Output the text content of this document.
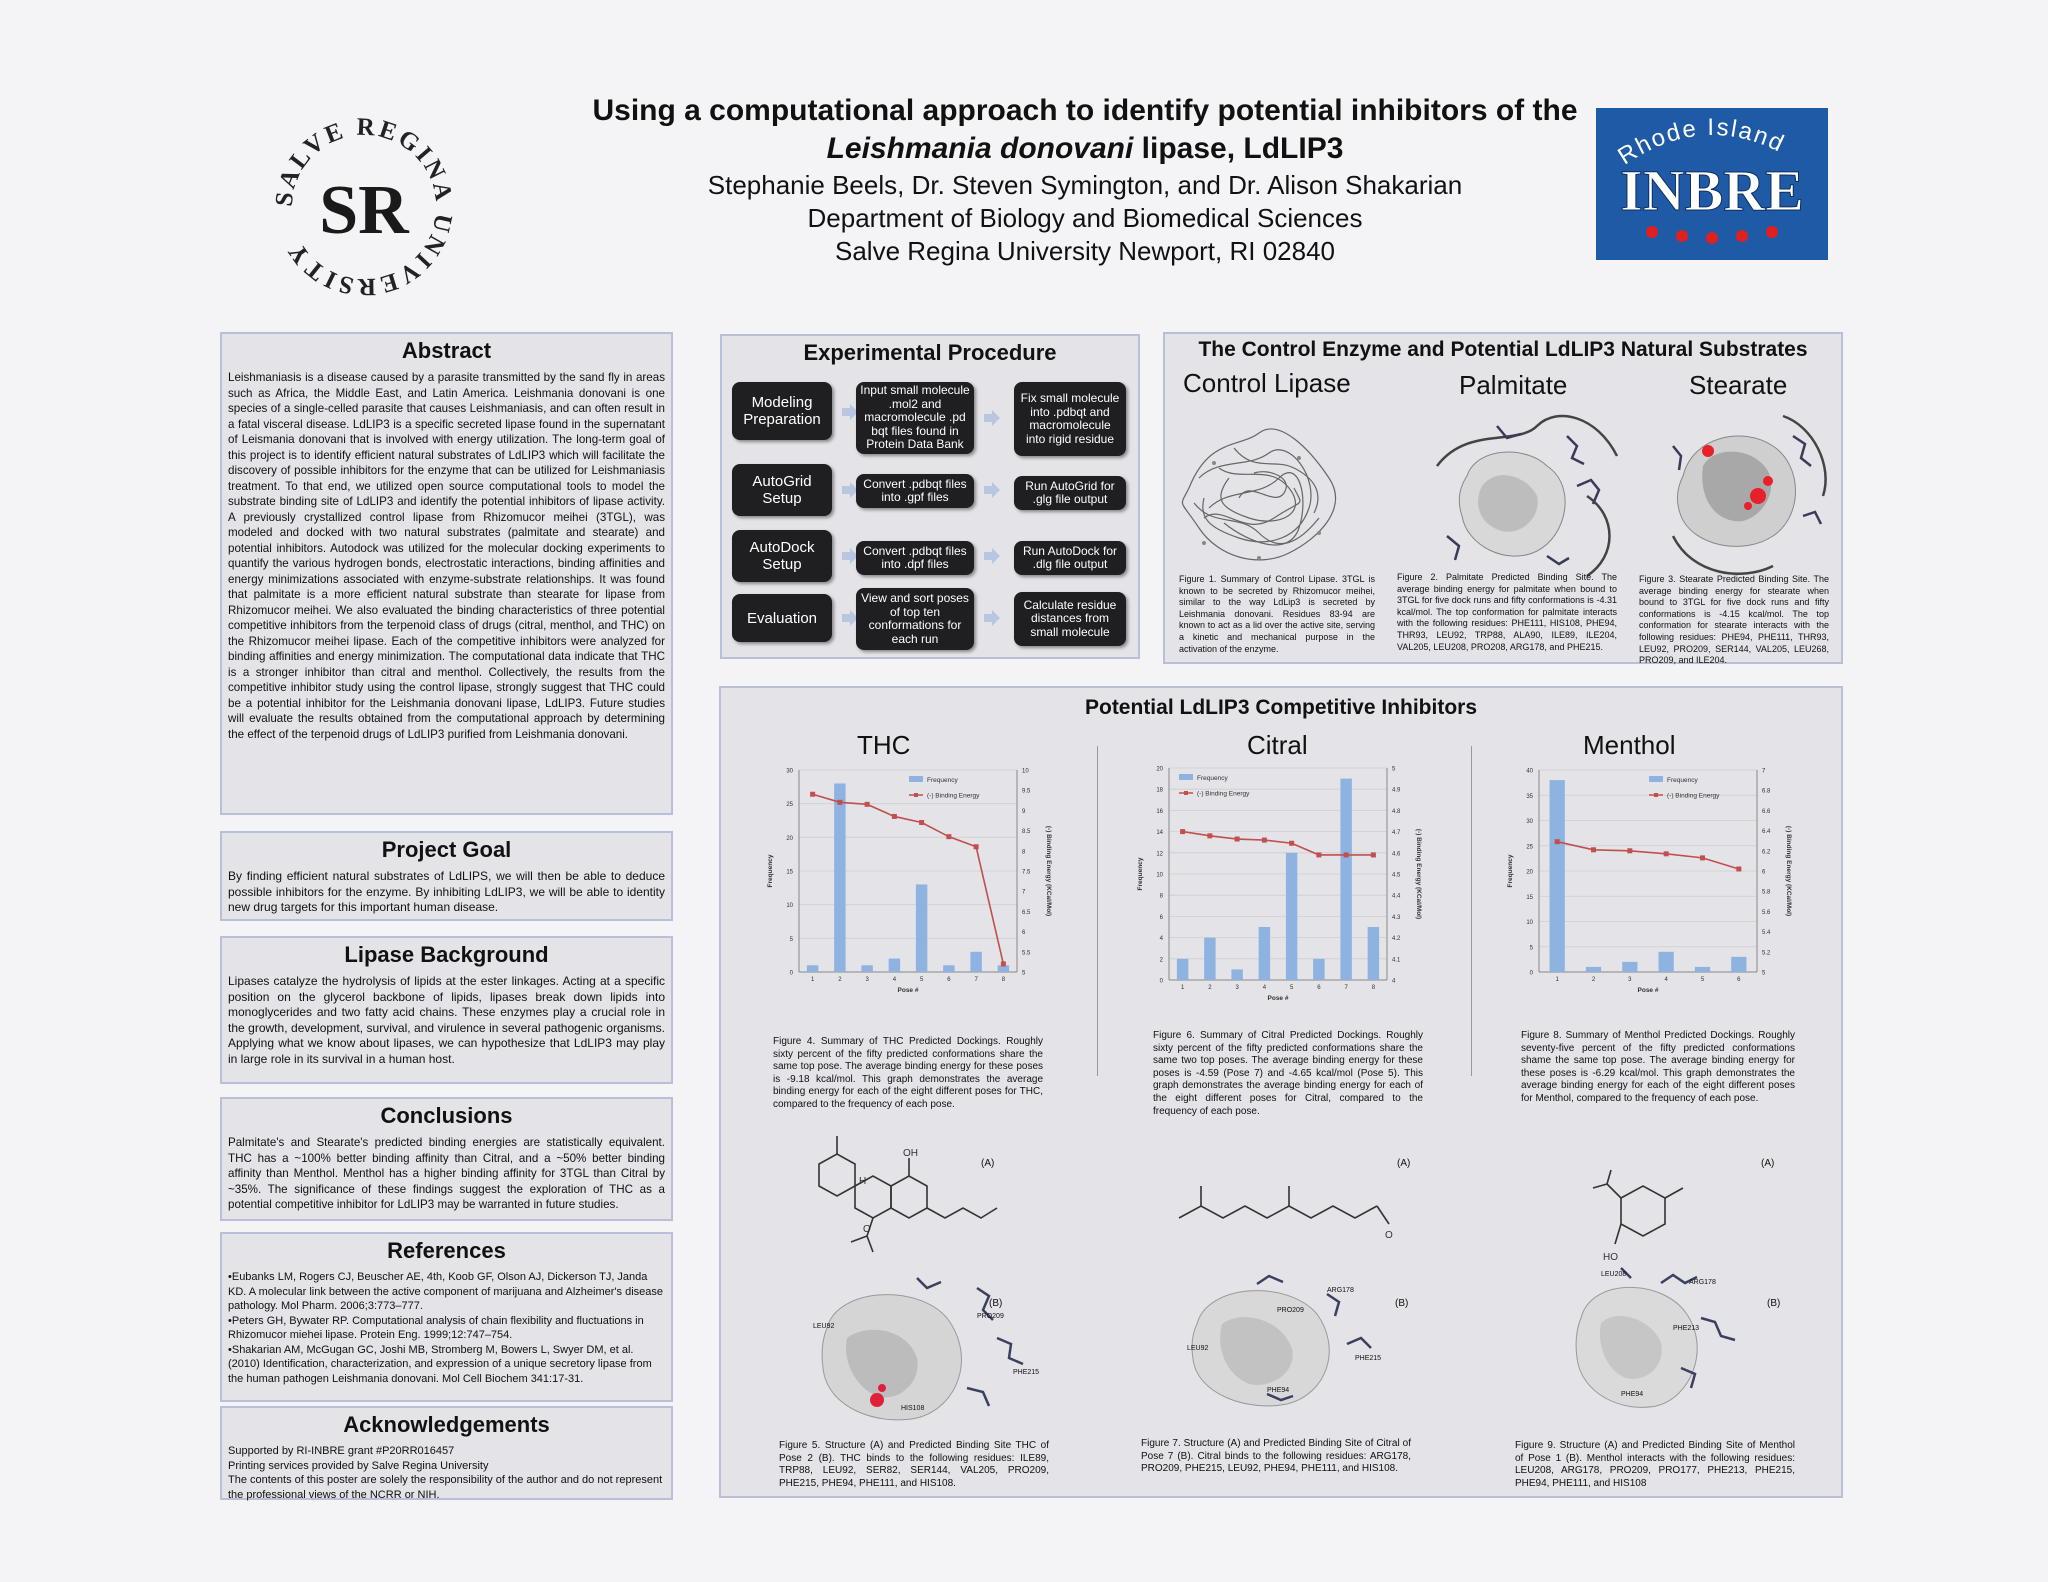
SALVE REGINA UNIVERSITY
SR
Using a computational approach to identify potential inhibitors of the
Leishmania donovani lipase, LdLIP3
Stephanie Beels, Dr. Steven Symington, and Dr. Alison Shakarian
Department of Biology and Biomedical Sciences
Salve Regina University Newport, RI 02840
Rhode Island
INBRE
Abstract
Leishmaniasis is a disease caused by a parasite transmitted by the sand fly in areas such as Africa, the Middle East, and Latin America. Leishmania donovani is one species of a single-celled parasite that causes Leishmaniasis, and can often result in a fatal visceral disease. LdLIP3 is a specific secreted lipase found in the supernatant of Leismania donovani that is involved with energy utilization. The long-term goal of this project is to identify efficient natural substrates of LdLIP3 which will facilitate the discovery of possible inhibitors for the enzyme that can be utilized for Leishmaniasis treatment. To that end, we utilized open source computational tools to model the substrate binding site of LdLIP3 and identify the potential inhibitors of lipase activity. A previously crystallized control lipase from Rhizomucor meihei (3TGL), was modeled and docked with two natural substrates (palmitate and stearate) and potential inhibitors. Autodock was utilized for the molecular docking experiments to quantify the various hydrogen bonds, electrostatic interactions, binding affinities and energy minimizations associated with enzyme-substrate relationships. It was found that palmitate is a more efficient natural substrate than stearate for lipase from Rhizomucor meihei. We also evaluated the binding characteristics of three potential competitive inhibitors from the terpenoid class of drugs (citral, menthol, and THC) on the Rhizomucor meihei lipase. Each of the competitive inhibitors were analyzed for binding affinities and energy minimization. The computational data indicate that THC is a stronger inhibitor than citral and menthol. Collectively, the results from the competitive inhibitor study using the control lipase, strongly suggest that THC could be a potential inhibitor for the Leishmania donovani lipase, LdLIP3. Future studies will evaluate the results obtained from the computational approach by determining the effect of the terpenoid drugs of LdLIP3 purified from Leishmania donovani.
Project Goal
By finding efficient natural substrates of LdLIPS, we will then be able to deduce possible inhibitors for the enzyme. By inhibiting LdLIP3, we will be able to identity new drug targets for this important human disease.
Lipase Background
Lipases catalyze the hydrolysis of lipids at the ester linkages. Acting at a specific position on the glycerol backbone of lipids, lipases break down lipids into monoglycerides and two fatty acid chains. These enzymes play a crucial role in the growth, development, survival, and virulence in several pathogenic organisms. Applying what we know about lipases, we can hypothesize that LdLIP3 may play in large role in its survival in a human host.
Conclusions
Palmitate's and Stearate's predicted binding energies are statistically equivalent. THC has a ~100% better binding affinity than Citral, and a ~50% better binding affinity than Menthol. Menthol has a higher binding affinity for 3TGL than Citral by ~35%. The significance of these findings suggest the exploration of THC as a potential competitive inhibitor for LdLIP3 may be warranted in future studies.
References

•Eubanks LM, Rogers CJ, Beuscher AE, 4th, Koob GF, Olson AJ, Dickerson TJ, Janda KD. A molecular link between the active component of marijuana and Alzheimer's disease pathology. Mol Pharm. 2006;3:773–777.

•Peters GH, Bywater RP. Computational analysis of chain flexibility and fluctuations in Rhizomucor miehei lipase. Protein Eng. 1999;12:747–754.

•Shakarian AM, McGugan GC, Joshi MB, Stromberg M, Bowers L, Swyer DM, et al. (2010) Identification, characterization, and expression of a unique secretory lipase from the human pathogen Leishmania donovani. Mol Cell Biochem 341:17-31.

Acknowledgements

Supported by RI-INBRE grant #P20RR016457

Printing services provided by Salve Regina University

The contents of this poster are solely the responsibility of the author and do not represent the professional views of the NCRR or NIH.

Experimental Procedure
Modeling Preparation
Input small molecule .mol2 and macromolecule .pd bqt files found in Protein Data Bank
Fix small molecule into .pdbqt and macromolecule into rigid residue
AutoGrid Setup
Convert .pdbqt files into .gpf files
Run AutoGrid for .glg file output
AutoDock Setup
Convert .pdbqt files into .dpf files
Run AutoDock for .dlg file output
Evaluation
View and sort poses of top ten conformations for each run
Calculate residue distances from small molecule
The Control Enzyme and Potential LdLIP3 Natural Substrates
Control Lipase	Palmitate	Stearate
Figure 1. Summary of Control Lipase. 3TGL is known to be secreted by Rhizomucor meihei, similar to the way LdLip3 is secreted by Leishmania donovani. Residues 83-94 are known to act as a lid over the active site, serving a kinetic and mechanical purpose in the activation of the enzyme.
Figure 2. Palmitate Predicted Binding Site. The average binding energy for palmitate when bound to 3TGL for five dock runs and fifty conformations is -4.31 kcal/mol. The top conformation for palmitate interacts with the following residues: PHE111, HIS108, PHE94, THR93, LEU92, TRP88, ALA90, ILE89, ILE204, VAL205, LEU208, PRO208, ARG178, and PHE215.
Figure 3. Stearate Predicted Binding Site. The average binding energy for stearate when bound to 3TGL for five dock runs and fifty conformations is -4.15 kcal/mol. The top conformation for stearate interacts with the following residues: PHE94, PHE111, THR93, LEU92, PRO209, SER144, VAL205, LEU268, PRO209, and ILE204.
Potential LdLIP3 Competitive Inhibitors
THC	Citral	Menthol
0
5
10
15
20
25
30
5
5.5
6
6.5
7
7.5
8
8.5
9
9.5
10
1	2	3	4	5	6	7	8
Pose #
Frequency	(-) Binding Energy (KCal/Mol)
Frequency
(-) Binding Energy
0
2
4
6
8
10
12
14
16
18
20
4
4.1
4.2
4.3
4.4
4.5
4.6
4.7
4.8
4.9
5
1	2	3	4	5	6	7	8
Pose #
Frequency	(-) Binding Energy (KCal/Mol)
Frequency
(-) Binding Energy
0
5
10
15
20
25
30
35
40
5
5.2
5.4
5.6
5.8
6
6.2
6.4
6.6
6.8
7
1	2	3	4	5	6
Pose #
Frequency	(-) Binding Energy (KCal/Mol)
Frequency
(-) Binding Energy
Figure 4. Summary of THC Predicted Dockings. Roughly sixty percent of the fifty predicted conformations share the same top pose. The average binding energy for these poses is -9.18 kcal/mol. This graph demonstrates the average binding energy for each of the eight different poses for THC, compared to the frequency of each pose.
Figure 6. Summary of Citral Predicted Dockings. Roughly sixty percent of the fifty predicted conformations share the same two top poses. The average binding energy for these poses is -4.59 (Pose 7) and -4.65 kcal/mol (Pose 5). This graph demonstrates the average binding energy for each of the eight different poses for Citral, compared to the frequency of each pose.
Figure 8. Summary of Menthol Predicted Dockings. Roughly seventy-five percent of the fifty predicted conformations shame the same top pose. The average binding energy for these poses is -6.29 kcal/mol. This graph demonstrates the average binding energy for each of the eight different poses for Menthol, compared to the frequency of each pose.
OH
H
O
(A)
O
(A)
HO
(A)
LEU92
PRO209
PHE215
HIS108
(B)
LEU92
ARG178
PRO209
PHE215
PHE94
(B)
LEU208
ARG178
PHE213
PHE94
(B)
Figure 5. Structure (A) and Predicted Binding Site THC of Pose 2 (B). THC binds to the following residues: ILE89, TRP88, LEU92, SER82, SER144, VAL205, PRO209, PHE215, PHE94, PHE111, and HIS108.
Figure 7. Structure (A) and Predicted Binding Site of Citral of Pose 7 (B). Citral binds to the following residues: ARG178, PRO209, PHE215, LEU92, PHE94, PHE111, and HIS108.
Figure 9. Structure (A) and Predicted Binding Site of Menthol of Pose 1 (B). Menthol interacts with the following residues: LEU208, ARG178, PRO209, PRO177, PHE213, PHE215, PHE94, PHE111, and HIS108
